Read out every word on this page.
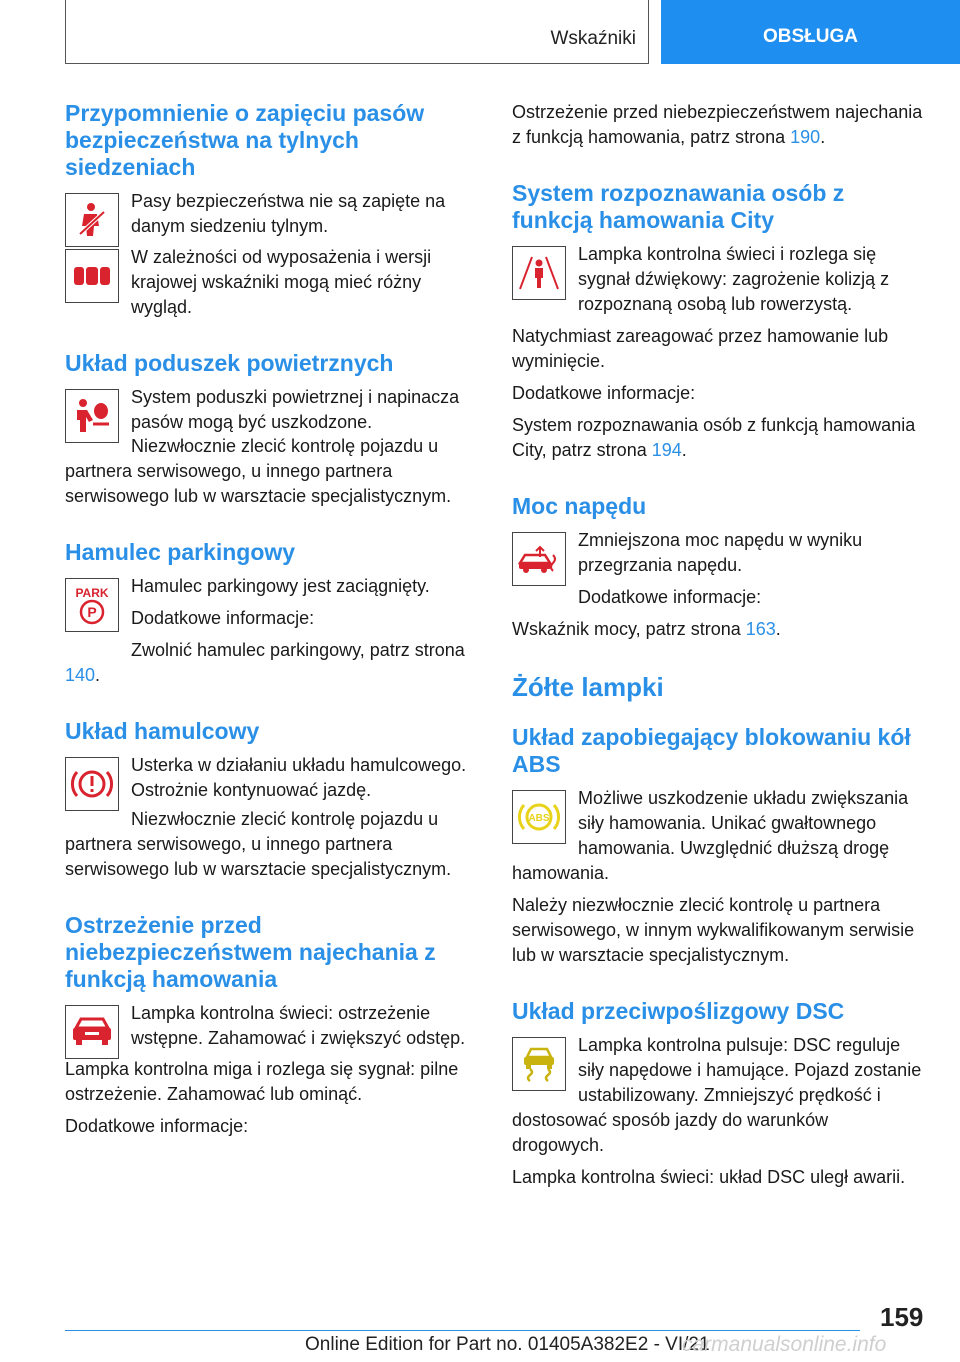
Wskaźniki	OBSŁUGA
Przypomnienie o zapięciu pasów bezpieczeństwa na tylnych siedzeniach

Pasy bezpieczeństwa nie są zapięte na danym siedzeniu tylnym.

W zależności od wyposażenia i wersji krajowej wskaźniki mogą mieć różny wygląd.

Układ poduszek powietrznych

System poduszki powietrznej i napinacza pasów mogą być uszkodzone.

Niezwłocznie zlecić kontrolę pojazdu u partnera serwisowego, u innego partnera serwisowego lub w warsztacie specjalistycznym.

Hamulec parkingowy
PARK
P

Hamulec parkingowy jest zaciągnięty.

Dodatkowe informacje:

Zwolnić hamulec parkingowy, patrz strona 140.

Układ hamulcowy

Usterka w działaniu układu hamulcowego. Ostrożnie kontynuować jazdę.

Niezwłocznie zlecić kontrolę pojazdu u partnera serwisowego, u innego partnera serwisowego lub w warsztacie specjalistycznym.

Ostrzeżenie przed niebezpieczeństwem najechania z funkcją hamowania

Lampka kontrolna świeci: ostrzeżenie wstępne. Zahamować i zwiększyć odstęp.

Lampka kontrolna miga i rozlega się sygnał: pilne ostrzeżenie. Zahamować lub ominąć.

Dodatkowe informacje:

Ostrzeżenie przed niebezpieczeństwem najechania z funkcją hamowania, patrz strona 190.

System rozpoznawania osób z funkcją hamowania City

Lampka kontrolna świeci i rozlega się sygnał dźwiękowy: zagrożenie kolizją z rozpoznaną osobą lub rowerzystą.

Natychmiast zareagować przez hamowanie lub wyminięcie.

Dodatkowe informacje:

System rozpoznawania osób z funkcją hamowania City, patrz strona 194.

Moc napędu

Zmniejszona moc napędu w wyniku przegrzania napędu.

Dodatkowe informacje:

Wskaźnik mocy, patrz strona 163.

Żółte lampki
Układ zapobiegający blokowaniu kół ABS
ABS

Możliwe uszkodzenie układu zwiększania siły hamowania. Unikać gwałtownego hamowania. Uwzględnić dłuższą drogę hamowania.

Należy niezwłocznie zlecić kontrolę u partnera serwisowego, w innym wykwalifikowanym serwisie lub w warsztacie specjalistycznym.

Układ przeciwpoślizgowy DSC

Lampka kontrolna pulsuje: DSC reguluje siły napędowe i hamujące. Pojazd zostanie ustabilizowany. Zmniejszyć prędkość i dostosować sposób jazdy do warunków drogowych.

Lampka kontrolna świeci: układ DSC uległ awarii.

159
Online Edition for Part no. 01405A382E2 - VI/21
carmanualsonline.info
